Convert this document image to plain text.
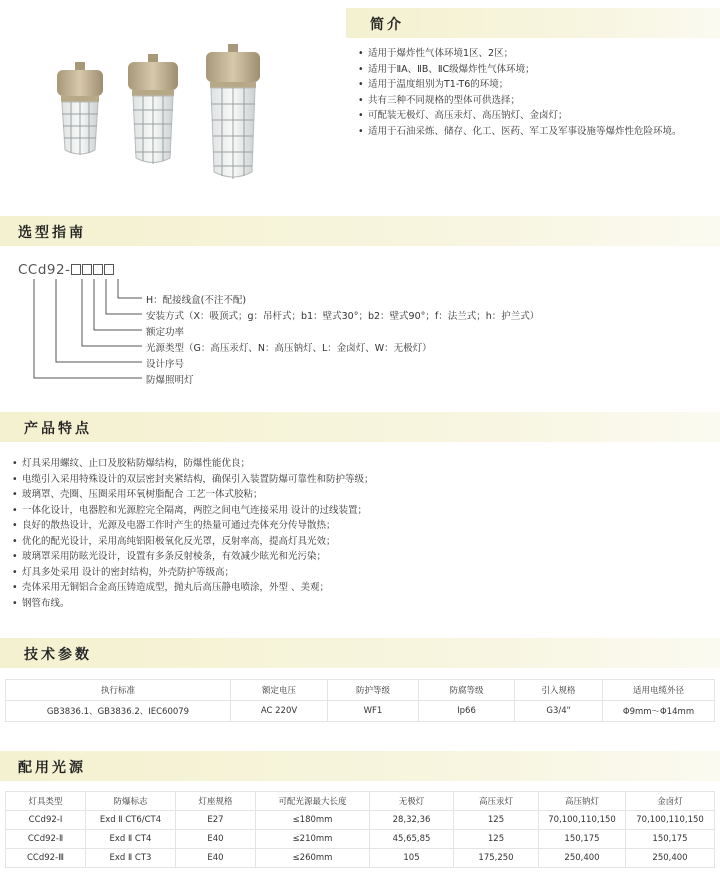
简介
• 适用于爆炸性气体环境1区、2区；
• 适用于ⅡA、ⅡB、ⅡC级爆炸性气体环境；
• 适用于温度组别为T1-T6的环境；
• 共有三种不同规格的型体可供选择；
• 可配装无极灯、高压汞灯、高压钠灯、金卤灯；
• 适用于石油采炼、储存、化工、医药、军工及军事设施等爆炸性危险环境。
选型指南
CCd92-
H：配接线盒(不注不配)
安装方式（X：吸顶式；g：吊杆式；b1：壁式30°；b2：壁式90°；f：法兰式；h：护兰式）
额定功率
光源类型（G：高压汞灯、N：高压钠灯、L：金卤灯、W：无极灯）
设计序号
防爆照明灯
产品特点
• 灯具采用螺纹、止口及胶粘防爆结构，防爆性能优良；
• 电缆引入采用特殊设计的双层密封夹紧结构，确保引入装置防爆可靠性和防护等级；
• 玻璃罩、壳圈、压圈采用环氧树脂配合 工艺一体式胶粘；
• 一体化设计，电器腔和光源腔完全隔离，两腔之间电气连接采用 设计的过线装置；
• 良好的散热设计，光源及电器工作时产生的热量可通过壳体充分传导散热；
• 优化的配光设计，采用高纯铝阳极氧化反光罩，反射率高，提高灯具光效；
• 玻璃罩采用防眩光设计，设置有多条反射棱条，有效减少眩光和光污染；
• 灯具多处采用 设计的密封结构，外壳防护等级高；
• 壳体采用无铜铝合金高压铸造成型，抛丸后高压静电喷涂，外型 、美观；
• 钢管布线。
技术参数
执行标准	额定电压	防护等级	防腐等级	引入规格	适用电缆外径
GB3836.1、GB3836.2、IEC60079	AC 220V	WF1	Ip66	G3/4"	Φ9mm～Φ14mm
配用光源
灯具类型	防爆标志	灯座规格	可配光源最大长度	无极灯	高压汞灯	高压钠灯	金卤灯
CCd92-Ⅰ	Exd Ⅱ CT6/CT4	E27	≤180mm	28,32,36	125	70,100,110,150	70,100,110,150
CCd92-Ⅱ	Exd Ⅱ CT4	E40	≤210mm	45,65,85	125	150,175	150,175
CCd92-Ⅲ	Exd Ⅱ CT3	E40	≤260mm	105	175,250	250,400	250,400
